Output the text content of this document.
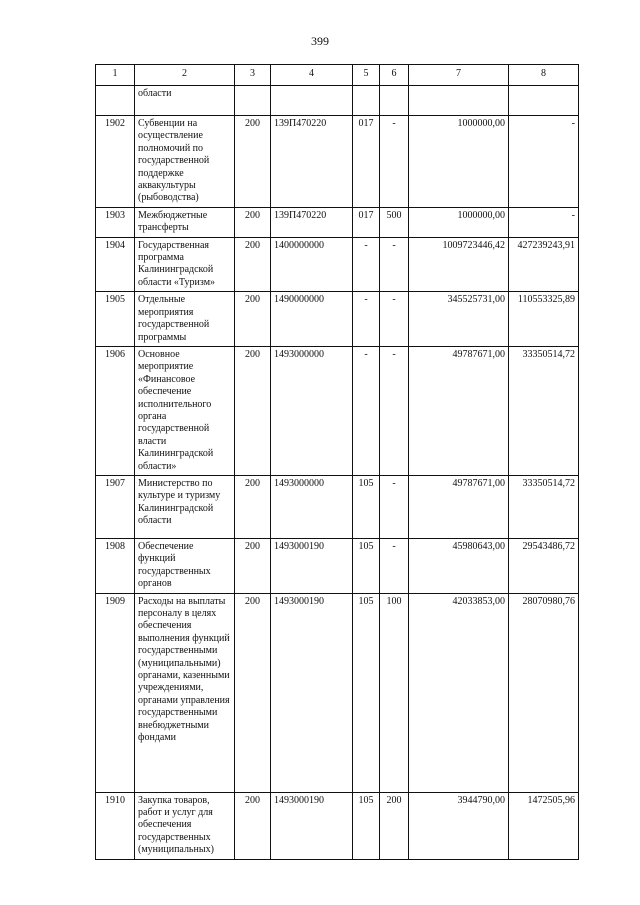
399
1	2	3	4	5	6	7	8
	области						
1902	Субвенции на осуществление полномочий по государственной поддержке аквакультуры (рыбоводства)	200	139П470220	017	-	1000000,00	-
1903	Межбюджетные трансферты	200	139П470220	017	500	1000000,00	-
1904	Государственная программа Калининградской области «Туризм»	200	1400000000	-	-	1009723446,42	427239243,91
1905	Отдельные мероприятия государственной программы	200	1490000000	-	-	345525731,00	110553325,89
1906	Основное мероприятие «Финансовое обеспечение исполнительного органа государственной власти Калининградской области»	200	1493000000	-	-	49787671,00	33350514,72
1907	Министерство по культуре и туризму Калининградской области	200	1493000000	105	-	49787671,00	33350514,72
1908	Обеспечение функций государственных органов	200	1493000190	105	-	45980643,00	29543486,72
1909	Расходы на выплаты персоналу в целях обеспечения выполнения функций государственными (муниципальными) органами, казенными учреждениями, органами управления государственными внебюджетными фондами	200	1493000190	105	100	42033853,00	28070980,76
1910	Закупка товаров, работ и услуг для обеспечения государственных (муниципальных)	200	1493000190	105	200	3944790,00	1472505,96
